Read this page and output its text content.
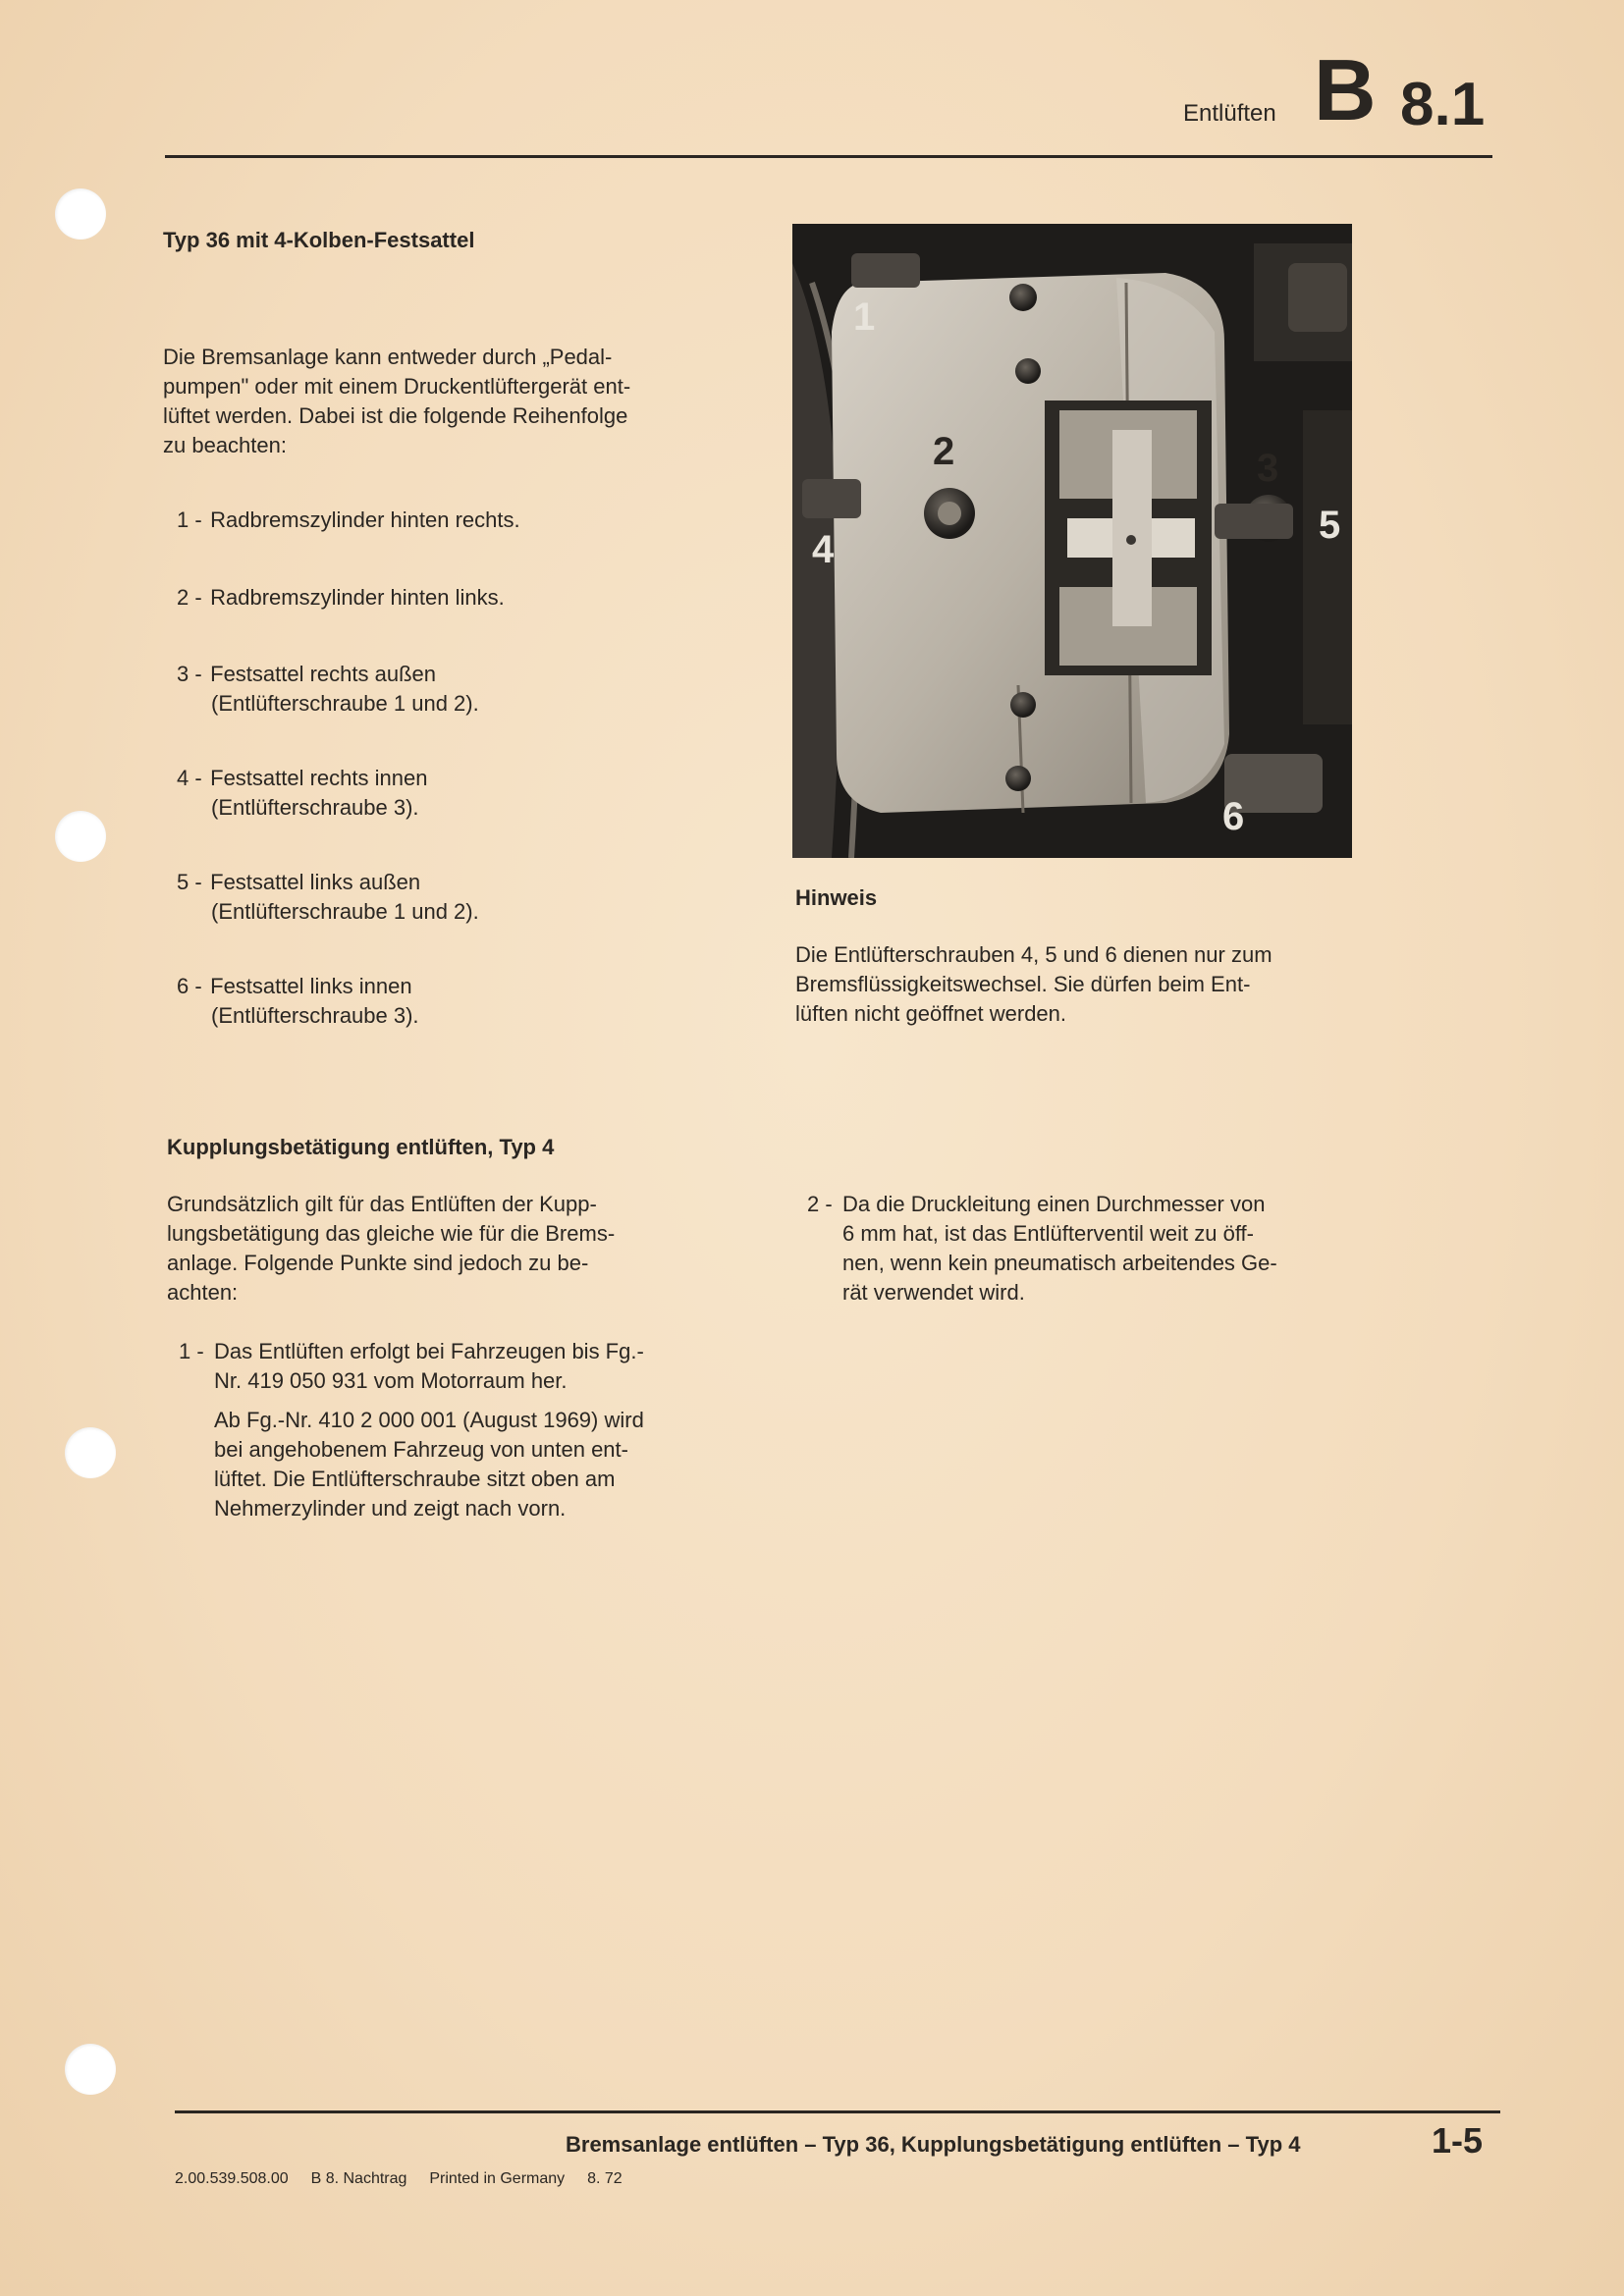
Entlüften B 8.1
Typ 36 mit 4-Kolben-Festsattel
Die Bremsanlage kann entweder durch „Pedal-
pumpen" oder mit einem Druckentlüftergerät ent-
lüftet werden. Dabei ist die folgende Reihenfolge
zu beachten:
1 - Radbremszylinder hinten rechts.
2 - Radbremszylinder hinten links.
3 - Festsattel rechts außen
(Entlüfterschraube 1 und 2).
4 - Festsattel rechts innen
(Entlüfterschraube 3).
5 - Festsattel links außen
(Entlüfterschraube 1 und 2).
6 - Festsattel links innen
(Entlüfterschraube 3).
1
2	3
4
5
6
Hinweis
Die Entlüfterschrauben 4, 5 und 6 dienen nur zum
Bremsflüssigkeitswechsel. Sie dürfen beim Ent-
lüften nicht geöffnet werden.
Kupplungsbetätigung entlüften, Typ 4
Grundsätzlich gilt für das Entlüften der Kupp-
lungsbetätigung das gleiche wie für die Brems-
anlage. Folgende Punkte sind jedoch zu be-
achten:
1 - Das Entlüften erfolgt bei Fahrzeugen bis Fg.-
Nr. 419 050 931 vom Motorraum her.
Ab Fg.-Nr. 410 2 000 001 (August 1969) wird
bei angehobenem Fahrzeug von unten ent-
lüftet. Die Entlüfterschraube sitzt oben am
Nehmerzylinder und zeigt nach vorn.
2 - Da die Druckleitung einen Durchmesser von
6 mm hat, ist das Entlüfterventil weit zu öff-
nen, wenn kein pneumatisch arbeitendes Ge-
rät verwendet wird.
Bremsanlage entlüften – Typ 36, Kupplungsbetätigung entlüften – Typ 4	1-5
2.00.539.508.00 B 8. Nachtrag Printed in Germany 8. 72
